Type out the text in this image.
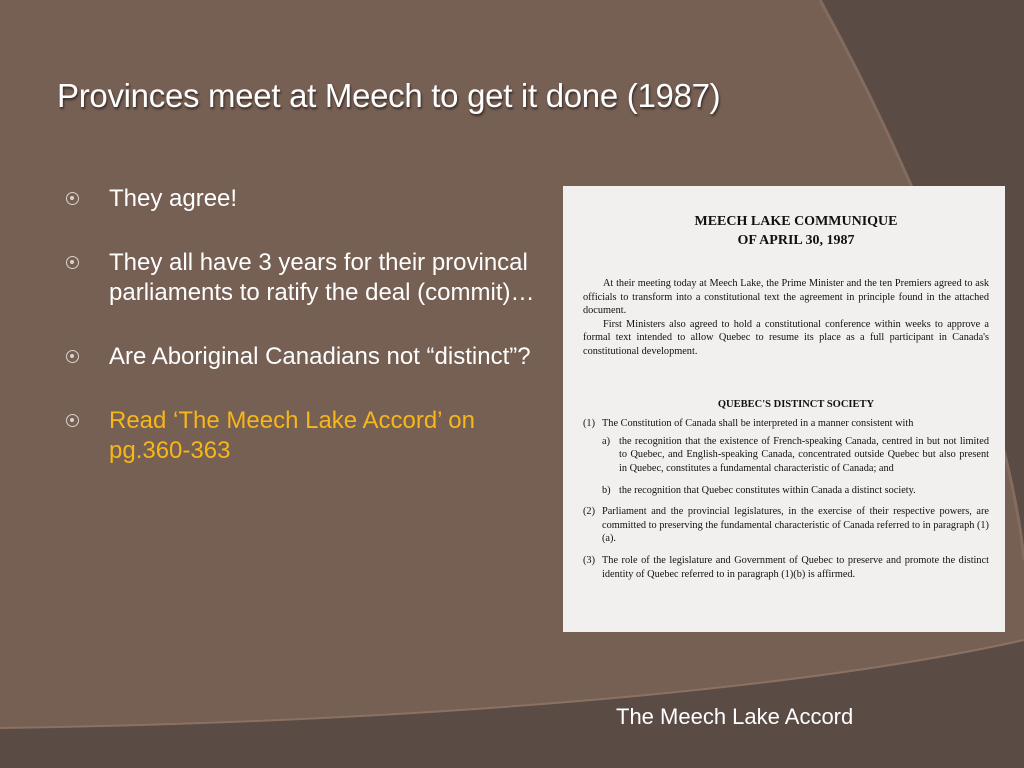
Provinces meet at Meech to get it done (1987)
They agree!
They all have 3 years for their provincal parliaments to ratify the deal (commit)…
Are Aboriginal Canadians not “distinct”?
Read ‘The Meech Lake Accord’ on pg.360-363
MEECH LAKE COMMUNIQUE
OF APRIL 30, 1987

At their meeting today at Meech Lake, the Prime Minister and the ten Premiers agreed to ask officials to transform into a constitutional text the agreement in principle found in the attached document.

First Ministers also agreed to hold a constitutional conference within weeks to approve a formal text intended to allow Quebec to resume its place as a full participant in Canada's constitutional development.

QUEBEC'S DISTINCT SOCIETY
(1) The Constitution of Canada shall be interpreted in a manner consistent with
a) the recognition that the existence of French-speaking Canada, centred in but not limited to Quebec, and English-speaking Canada, concentrated outside Quebec but also present in Quebec, constitutes a fundamental characteristic of Canada; and
b) the recognition that Quebec constitutes within Canada a distinct society.
(2) Parliament and the provincial legislatures, in the exercise of their respective powers, are committed to preserving the fundamental characteristic of Canada referred to in paragraph (1)(a).
(3) The role of the legislature and Government of Quebec to preserve and promote the distinct identity of Quebec referred to in paragraph (1)(b) is affirmed.
The Meech Lake Accord
